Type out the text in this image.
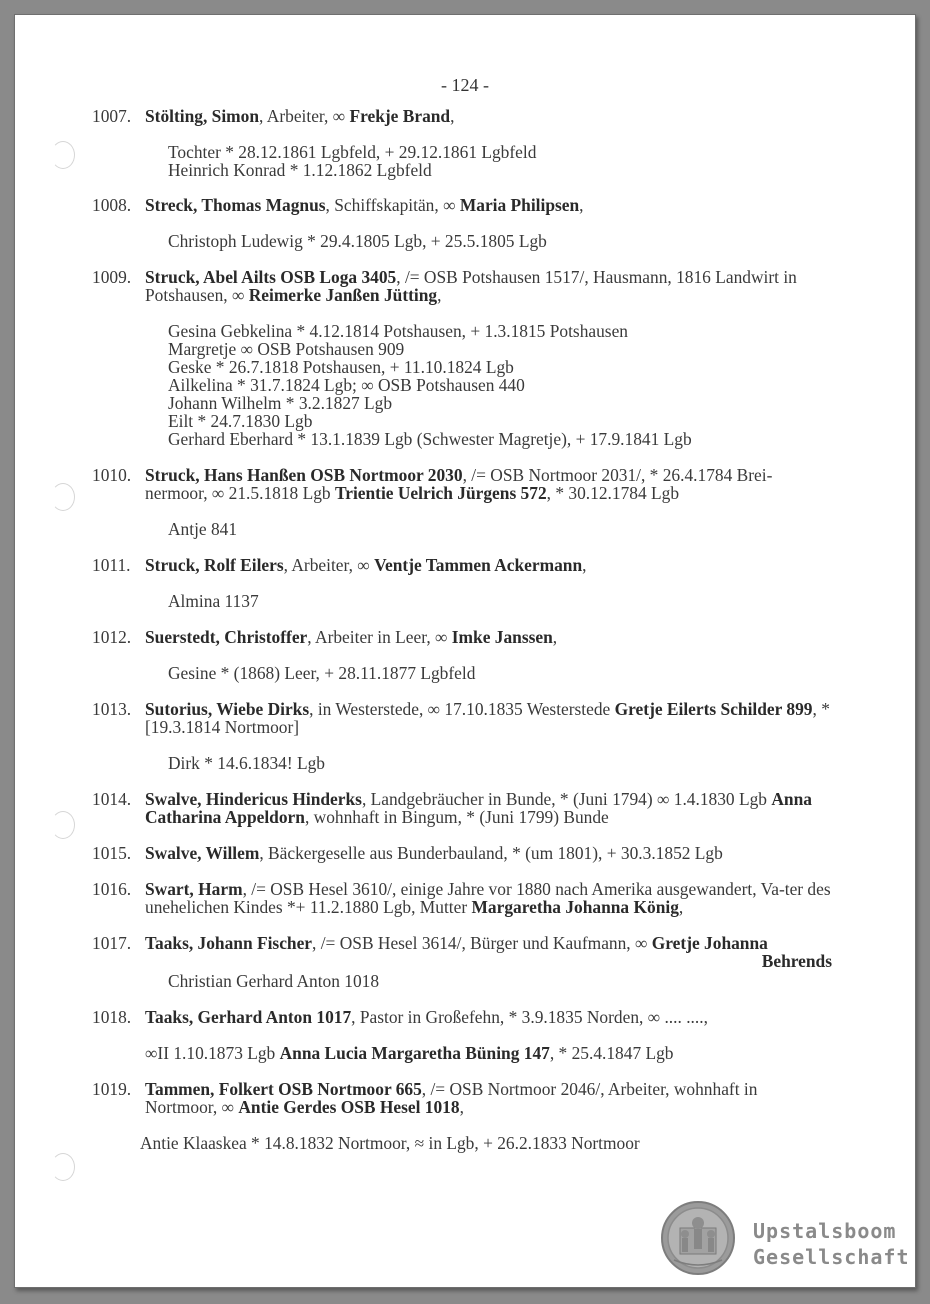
- 124 -
1007. Stölting, Simon, Arbeiter, ∞ Frekje Brand,

Tochter * 28.12.1861 Lgbfeld, + 29.12.1861 Lgbfeld

Heinrich Konrad * 1.12.1862 Lgbfeld

1008. Streck, Thomas Magnus, Schiffskapitän, ∞ Maria Philipsen,

Christoph Ludewig * 29.4.1805 Lgb, + 25.5.1805 Lgb

1009. Struck, Abel Ailts OSB Loga 3405, /= OSB Potshausen 1517/, Hausmann, 1816 Landwirt in Potshausen, ∞ Reimerke Janßen Jütting,

Gesina Gebkelina * 4.12.1814 Potshausen, + 1.3.1815 Potshausen

Margretje ∞ OSB Potshausen 909

Geske * 26.7.1818 Potshausen, + 11.10.1824 Lgb

Ailkelina * 31.7.1824 Lgb; ∞ OSB Potshausen 440

Johann Wilhelm * 3.2.1827 Lgb

Eilt * 24.7.1830 Lgb

Gerhard Eberhard * 13.1.1839 Lgb (Schwester Magretje), + 17.9.1841 Lgb

1010. Struck, Hans Hanßen OSB Nortmoor 2030, /= OSB Nortmoor 2031/, * 26.4.1784 Brei-nermoor, ∞ 21.5.1818 Lgb Trientie Uelrich Jürgens 572, * 30.12.1784 Lgb

Antje 841

1011. Struck, Rolf Eilers, Arbeiter, ∞ Ventje Tammen Ackermann,

Almina 1137

1012. Suerstedt, Christoffer, Arbeiter in Leer, ∞ Imke Janssen,

Gesine * (1868) Leer, + 28.11.1877 Lgbfeld

1013. Sutorius, Wiebe Dirks, in Westerstede, ∞ 17.10.1835 Westerstede Gretje Eilerts Schilder 899, * [19.3.1814 Nortmoor]

Dirk * 14.6.1834! Lgb

1014. Swalve, Hindericus Hinderks, Landgebräucher in Bunde, * (Juni 1794) ∞ 1.4.1830 Lgb Anna Catharina Appeldorn, wohnhaft in Bingum, * (Juni 1799) Bunde

1015. Swalve, Willem, Bäckergeselle aus Bunderbauland, * (um 1801), + 30.3.1852 Lgb

1016. Swart, Harm, /= OSB Hesel 3610/, einige Jahre vor 1880 nach Amerika ausgewandert, Va-ter des unehelichen Kindes *+ 11.2.1880 Lgb, Mutter Margaretha Johanna König,

1017. Taaks, Johann Fischer, /= OSB Hesel 3614/, Bürger und Kaufmann, ∞ Gretje Johanna

Behrends

Christian Gerhard Anton 1018

1018. Taaks, Gerhard Anton 1017, Pastor in Großefehn, * 3.9.1835 Norden, ∞ .... ....,

∞II 1.10.1873 Lgb Anna Lucia Margaretha Büning 147, * 25.4.1847 Lgb

1019. Tammen, Folkert OSB Nortmoor 665, /= OSB Nortmoor 2046/, Arbeiter, wohnhaft in Nortmoor, ∞ Antie Gerdes OSB Hesel 1018,

Antie Klaaskea * 14.8.1832 Nortmoor, ≈ in Lgb, + 26.2.1833 Nortmoor

Upstalsboom
Gesellschaft
